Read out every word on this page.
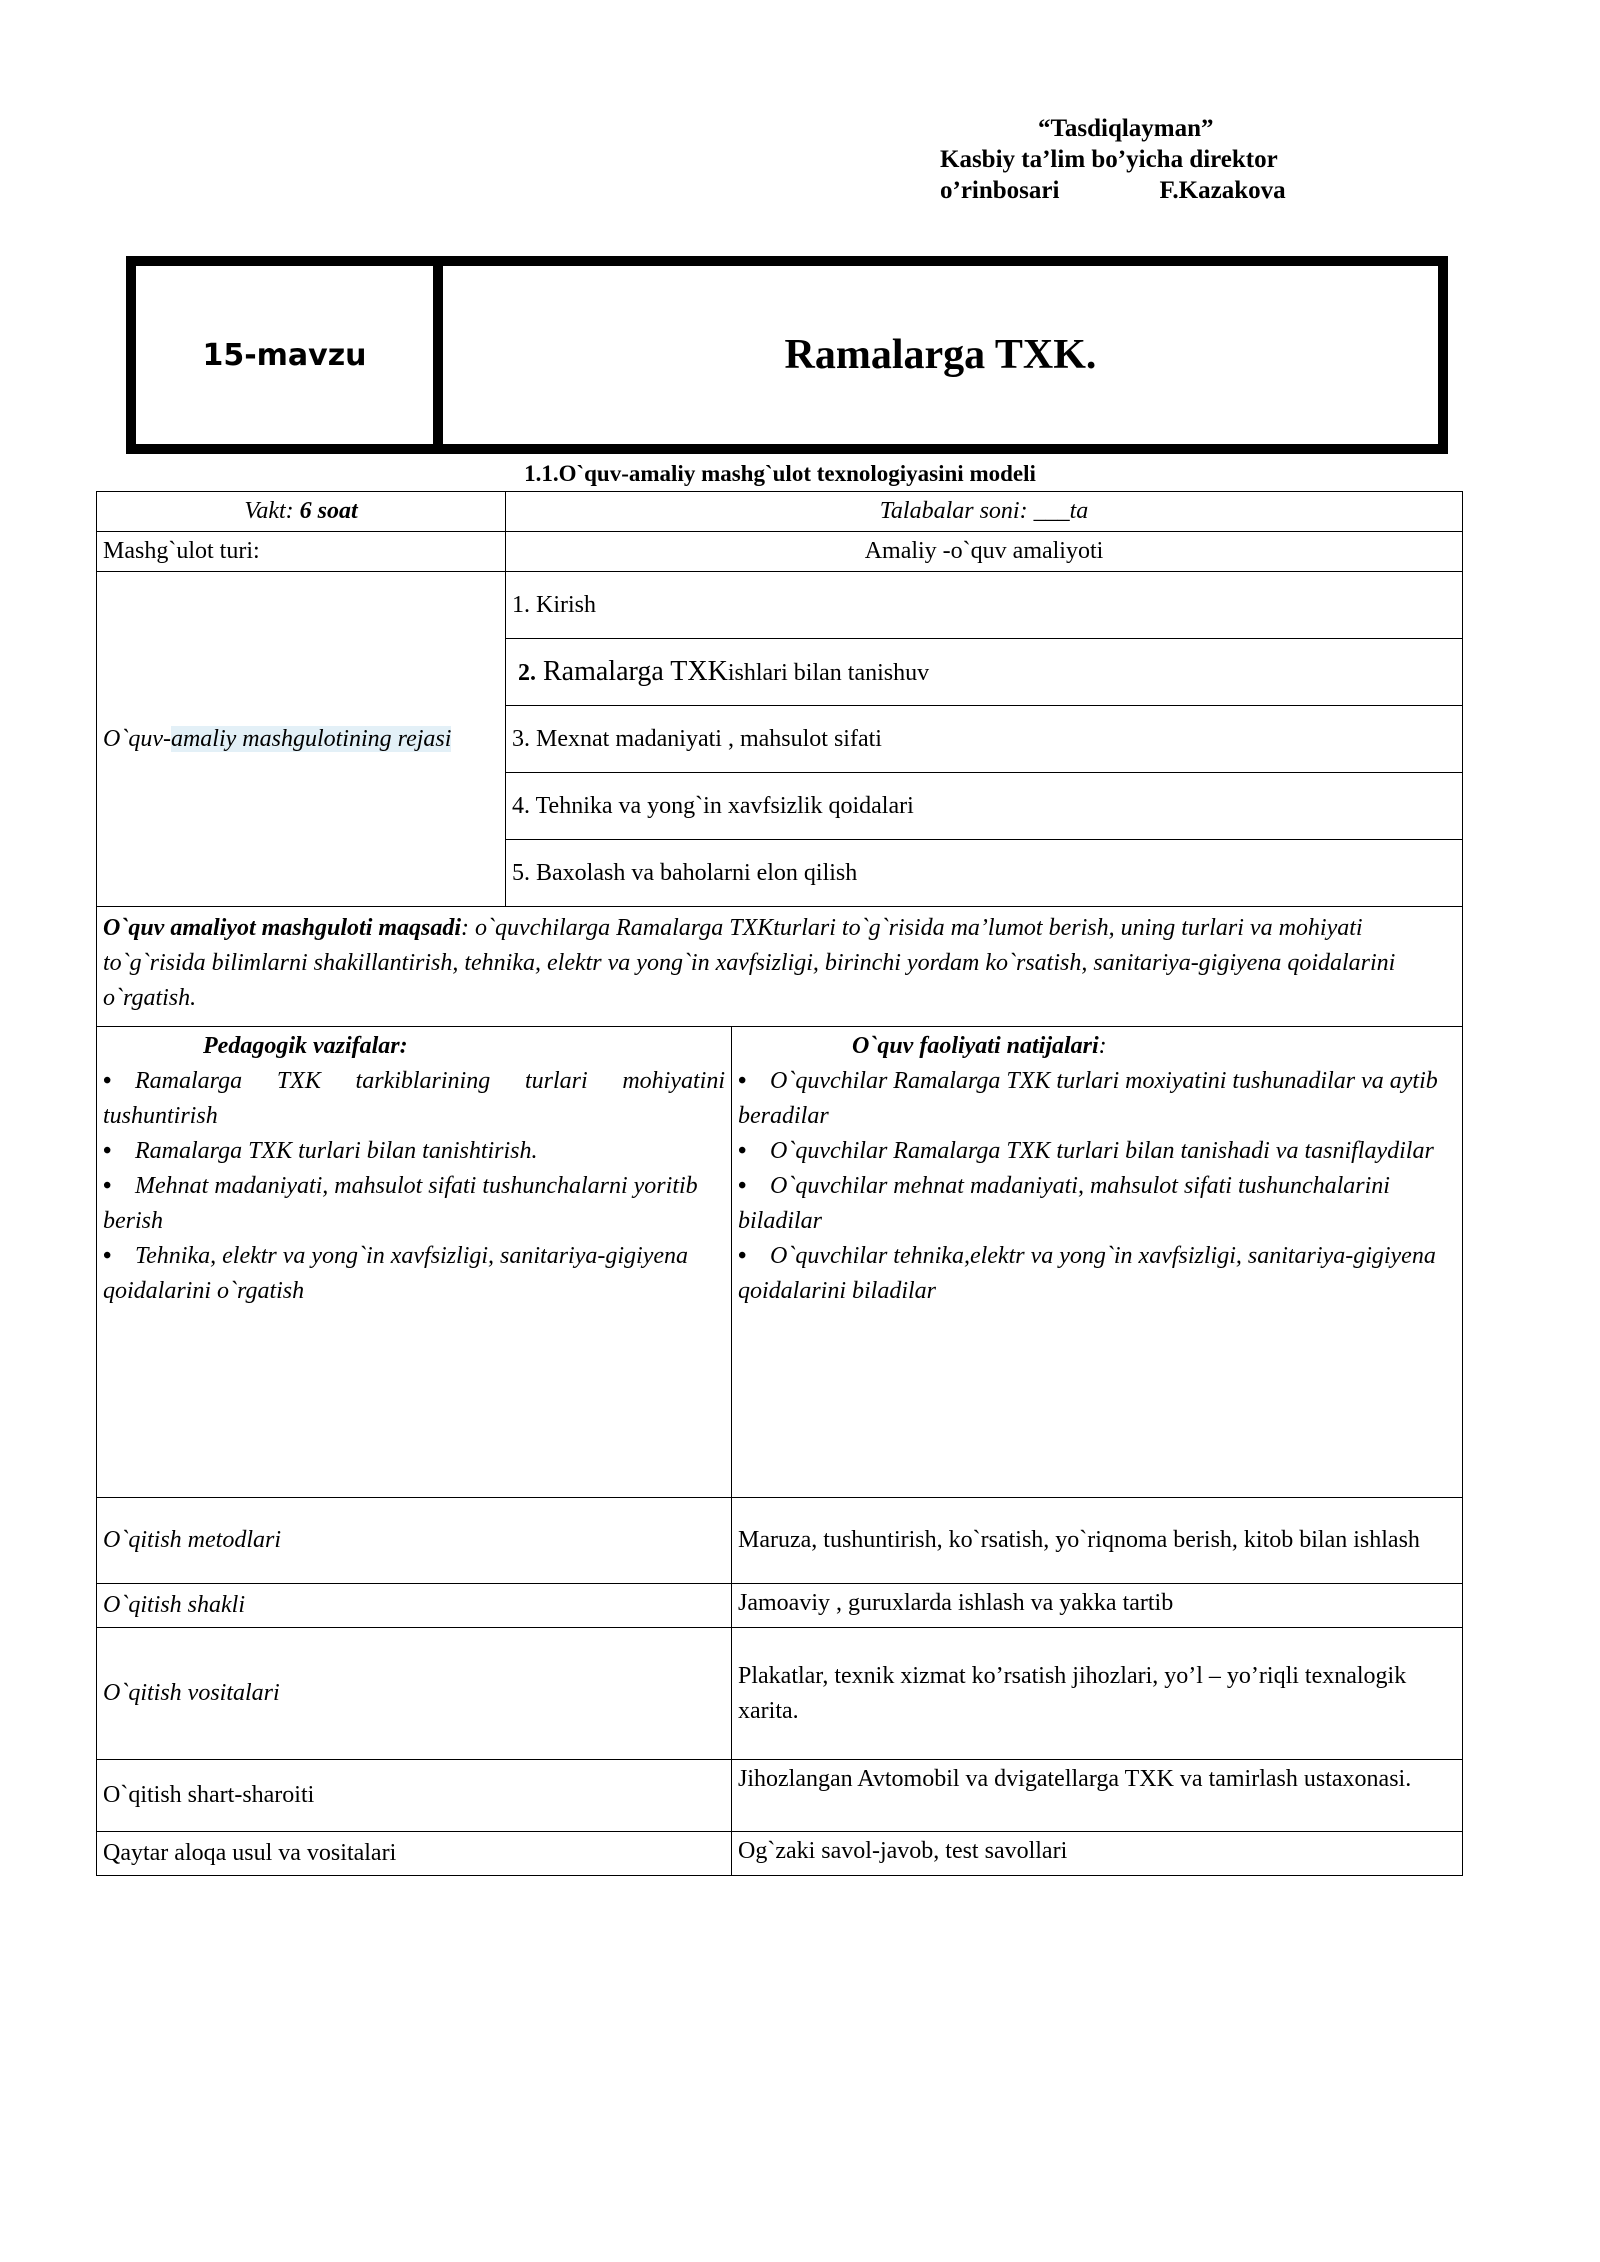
“Tasdiqlayman”
Kasbiy ta’lim bo’yicha direktor
o’rinbosari	F.Kazakova
15-mavzu	Ramalarga TXK.
1.1.O`quv-amaliy mashg`ulot texnologiyasini modeli
Vakt: 6 soat	Talabalar soni: ___ta
Mashg`ulot turi:	Amaliy -o`quv amaliyoti
O`quv-amaliy mashgulotining rejasi	
1. Kirish
2. Ramalarga TXKishlari bilan tanishuv
3. Mexnat madaniyati , mahsulot sifati
4. Tehnika va yong`in xavfsizlik qoidalari
5. Baxolash va baholarni elon qilish

O`quv amaliyot mashguloti maqsadi: o`quvchilarga Ramalarga TXKturlari to`g`risida ma’lumot berish, uning turlari va mohiyati to`g`risida bilimlarni shakillantirish, tehnika, elektr va yong`in xavfsizligi, birinchi yordam ko`rsatish, sanitariya-gigiyena qoidalarini o`rgatish.

Pedagogik vazifalar:
• Ramalarga TXK tarkiblarining turlari mohiyatini tushuntirish
• Ramalarga TXK turlari bilan tanishtirish.
• Mehnat madaniyati, mahsulot sifati tushunchalarni yoritib berish
• Tehnika, elektr va yong`in xavfsizligi, sanitariya-gigiyena qoidalarini o`rgatish

O`quv faoliyati natijalari:
• O`quvchilar Ramalarga TXK turlari moxiyatini tushunadilar va aytib beradilar
• O`quvchilar Ramalarga TXK turlari bilan tanishadi va tasniflaydilar
• O`quvchilar mehnat madaniyati, mahsulot sifati tushunchalarini biladilar
• O`quvchilar tehnika,elektr va yong`in xavfsizligi, sanitariya-gigiyena qoidalarini biladilar

O`qitish metodlari	Maruza, tushuntirish, ko`rsatish, yo`riqnoma berish, kitob bilan ishlash
O`qitish shakli	Jamoaviy , guruxlarda ishlash va yakka tartib
O`qitish vositalari	Plakatlar, texnik xizmat ko’rsatish jihozlari, yo’l – yo’riqli texnalogik xarita.
O`qitish shart-sharoiti	Jihozlangan Avtomobil va dvigatellarga TXK va tamirlash ustaxonasi.
Qaytar aloqa usul va vositalari	Og`zaki savol-javob, test savollari
